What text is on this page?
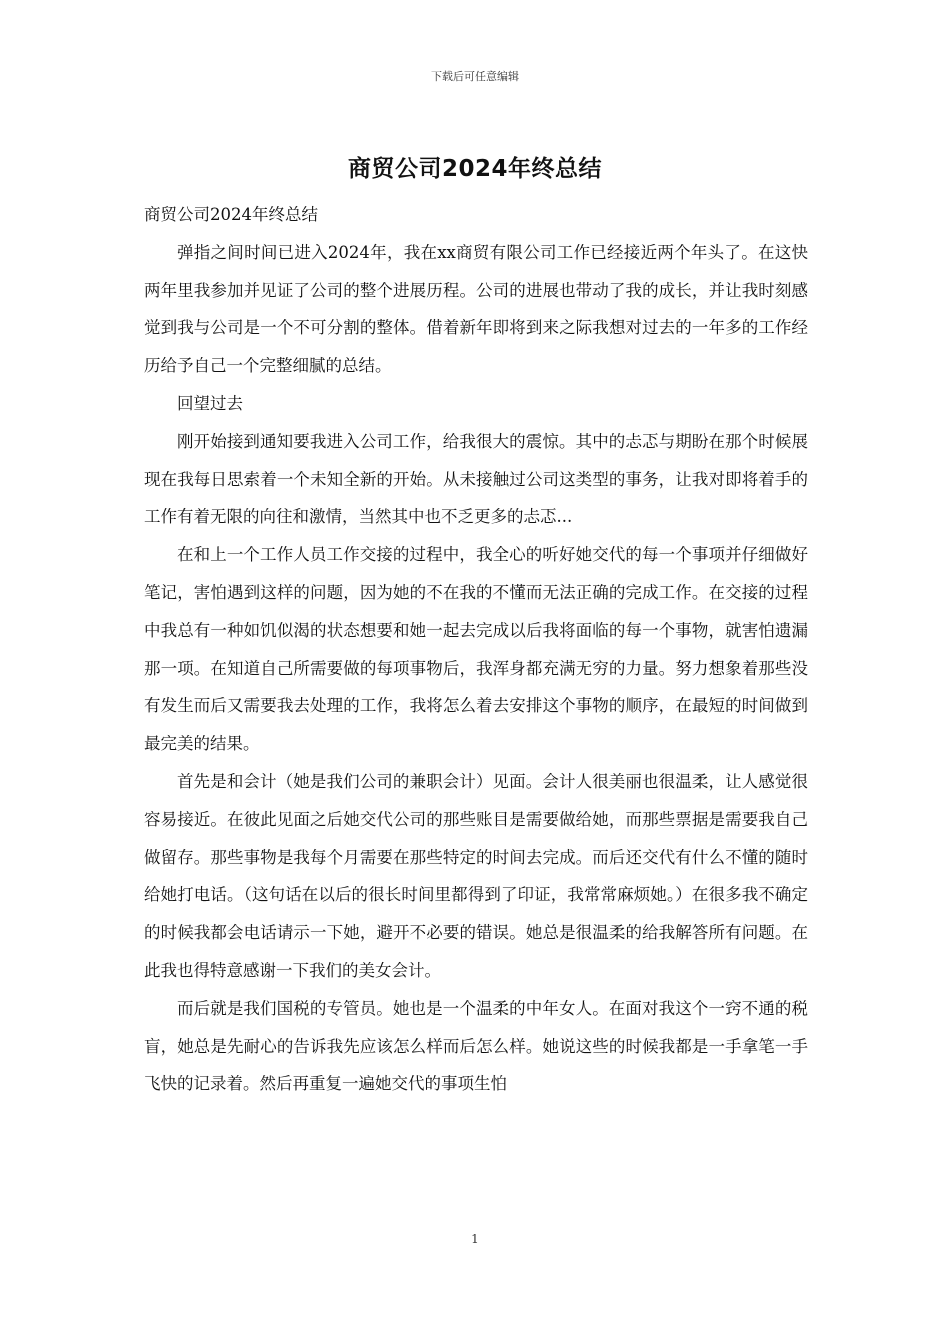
下载后可任意编辑
商贸公司2024年终总结

商贸公司2024年终总结

弹指之间时间已进入2024年，我在xx商贸有限公司工作已经接近两个年头了。在这快两年里我参加并见证了公司的整个进展历程。公司的进展也带动了我的成长，并让我时刻感觉到我与公司是一个不可分割的整体。借着新年即将到来之际我想对过去的一年多的工作经历给予自己一个完整细腻的总结。

回望过去

刚开始接到通知要我进入公司工作，给我很大的震惊。其中的忐忑与期盼在那个时候展现在我每日思索着一个未知全新的开始。从未接触过公司这类型的事务，让我对即将着手的工作有着无限的向往和激情，当然其中也不乏更多的忐忑...

在和上一个工作人员工作交接的过程中，我全心的听好她交代的每一个事项并仔细做好笔记，害怕遇到这样的问题，因为她的不在我的不懂而无法正确的完成工作。在交接的过程中我总有一种如饥似渴的状态想要和她一起去完成以后我将面临的每一个事物，就害怕遗漏那一项。在知道自己所需要做的每项事物后，我浑身都充满无穷的力量。努力想象着那些没有发生而后又需要我去处理的工作，我将怎么着去安排这个事物的顺序，在最短的时间做到最完美的结果。

首先是和会计（她是我们公司的兼职会计）见面。会计人很美丽也很温柔，让人感觉很容易接近。在彼此见面之后她交代公司的那些账目是需要做给她，而那些票据是需要我自己做留存。那些事物是我每个月需要在那些特定的时间去完成。而后还交代有什么不懂的随时给她打电话。（这句话在以后的很长时间里都得到了印证，我常常麻烦她。）在很多我不确定的时候我都会电话请示一下她，避开不必要的错误。她总是很温柔的给我解答所有问题。在此我也得特意感谢一下我们的美女会计。

而后就是我们国税的专管员。她也是一个温柔的中年女人。在面对我这个一窍不通的税盲，她总是先耐心的告诉我先应该怎么样而后怎么样。她说这些的时候我都是一手拿笔一手飞快的记录着。然后再重复一遍她交代的事项生怕

1
